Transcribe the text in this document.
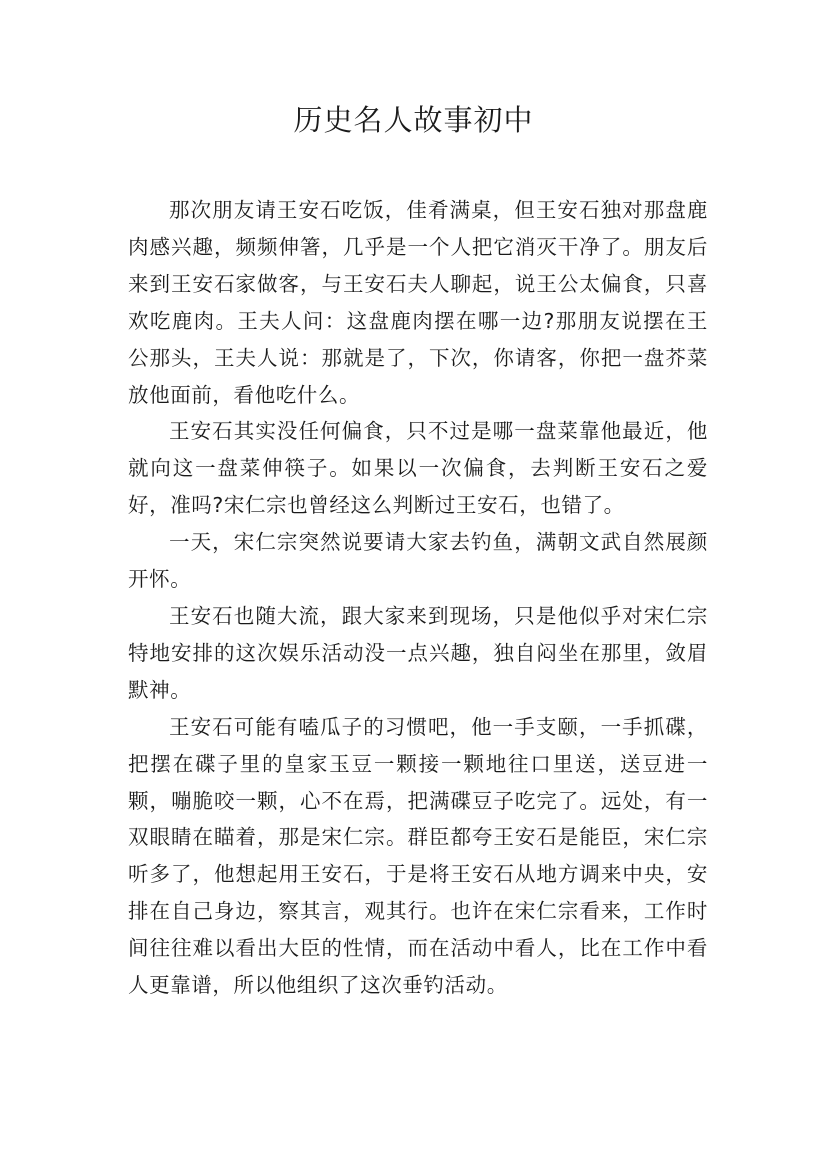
历史名人故事初中

那次朋友请王安石吃饭，佳肴满桌，但王安石独对那盘鹿肉感兴趣，频频伸箸，几乎是一个人把它消灭干净了。朋友后来到王安石家做客，与王安石夫人聊起，说王公太偏食，只喜欢吃鹿肉。王夫人问：这盘鹿肉摆在哪一边?那朋友说摆在王公那头，王夫人说：那就是了，下次，你请客，你把一盘芥菜放他面前，看他吃什么。

王安石其实没任何偏食，只不过是哪一盘菜靠他最近，他就向这一盘菜伸筷子。如果以一次偏食，去判断王安石之爱好，准吗?宋仁宗也曾经这么判断过王安石，也错了。

一天，宋仁宗突然说要请大家去钓鱼，满朝文武自然展颜开怀。

王安石也随大流，跟大家来到现场，只是他似乎对宋仁宗特地安排的这次娱乐活动没一点兴趣，独自闷坐在那里，敛眉默神。

王安石可能有嗑瓜子的习惯吧，他一手支颐，一手抓碟，把摆在碟子里的皇家玉豆一颗接一颗地往口里送，送豆进一颗，嘣脆咬一颗，心不在焉，把满碟豆子吃完了。远处，有一双眼睛在瞄着，那是宋仁宗。群臣都夸王安石是能臣，宋仁宗听多了，他想起用王安石，于是将王安石从地方调来中央，安排在自己身边，察其言，观其行。也许在宋仁宗看来，工作时间往往难以看出大臣的性情，而在活动中看人，比在工作中看人更靠谱，所以他组织了这次垂钓活动。
